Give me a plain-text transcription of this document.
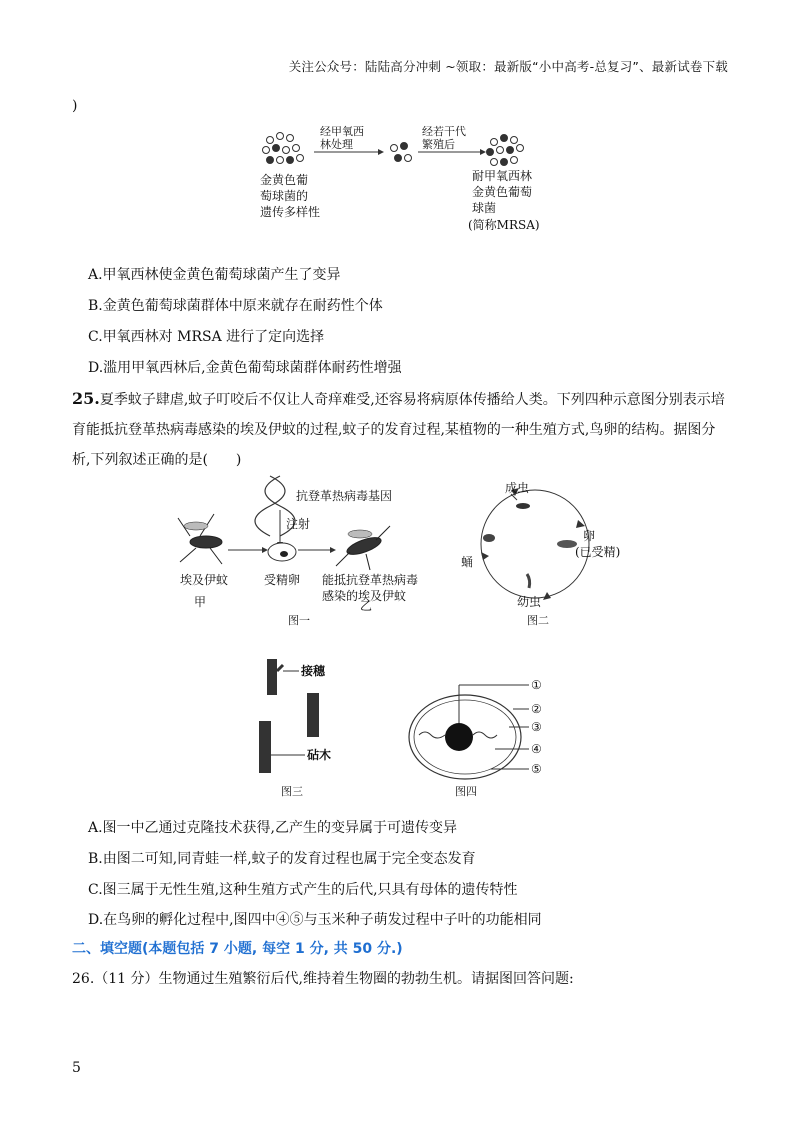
关注公众号：陆陆高分冲刺 ~领取：最新版“小中高考-总复习”、最新试卷下载
)
经甲氧西
林处理
经若干代
繁殖后
金黄色葡
萄球菌的
遗传多样性
耐甲氧西林
金黄色葡萄
球菌
(简称MRSA)
A.甲氧西林使金黄色葡萄球菌产生了变异
B.金黄色葡萄球菌群体中原来就存在耐药性个体
C.甲氧西林对 MRSA 进行了定向选择
D.滥用甲氧西林后,金黄色葡萄球菌群体耐药性增强
25.夏季蚊子肆虐,蚊子叮咬后不仅让人奇痒难受,还容易将病原体传播给人类。下列四种示意图分别表示培育能抵抗登革热病毒感染的埃及伊蚊的过程,蚊子的发育过程,某植物的一种生殖方式,鸟卵的结构。据图分析,下列叙述正确的是(　　)
抗登革热病毒基因
注射
埃及伊蚊	受精卵 能抵抗登革热病毒
感染的埃及伊蚊
甲	乙
图一
成虫
卵
(已受精)
蛹
幼虫
图二
接穗
砧木
图三
①
②
③
④
⑤
图四
A.图一中乙通过克隆技术获得,乙产生的变异属于可遗传变异
B.由图二可知,同青蛙一样,蚊子的发育过程也属于完全变态发育
C.图三属于无性生殖,这种生殖方式产生的后代,只具有母体的遗传特性
D.在鸟卵的孵化过程中,图四中④⑤与玉米种子萌发过程中子叶的功能相同
二、填空题(本题包括 7 小题, 每空 1 分, 共 50 分.)
26.（11 分）生物通过生殖繁衍后代,维持着生物圈的勃勃生机。请据图回答问题:
5
